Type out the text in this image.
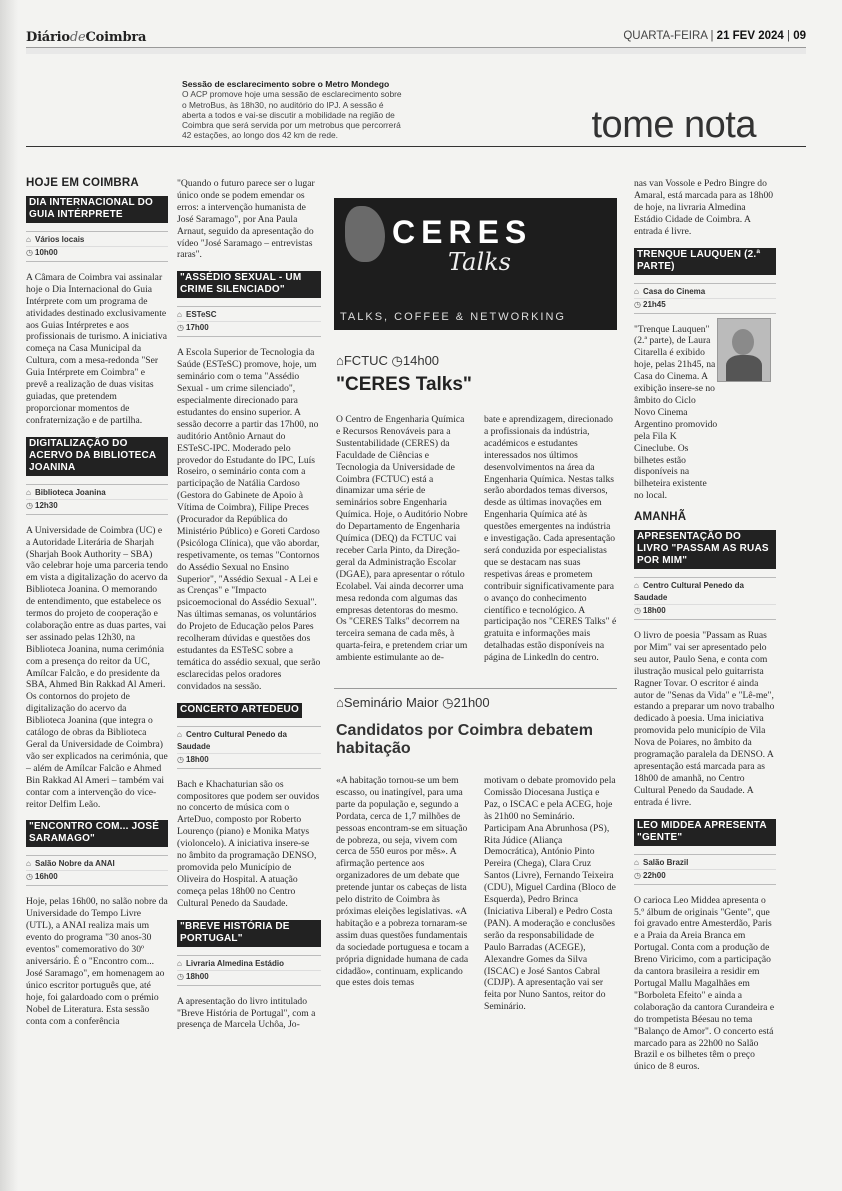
DiáriodeCoimbra	QUARTA-FEIRA | 21 FEV 2024 | 09
Sessão de esclarecimento sobre o Metro Mondego
O ACP promove hoje uma sessão de esclarecimento sobre o MetroBus, às 18h30, no auditório do IPJ. A sessão é aberta a todos e vai-se discutir a mobilidade na região de Coimbra que será servida por um metrobus que percorrerá 42 estações, ao longo dos 42 km de rede.	tome nota
HOJE EM COIMBRA
DIA INTERNACIONAL DO GUIA INTÉRPRETE
⌂ Vários locais
◷ 10h00

A Câmara de Coimbra vai assinalar hoje o Dia Internacional do Guia Intérprete com um programa de atividades destinado exclusivamente aos Guias Intérpretes e aos profissionais de turismo. A iniciativa começa na Casa Municipal da Cultura, com a mesa-redonda "Ser Guia Intérprete em Coimbra" e prevê a realização de duas visitas guiadas, que pretendem proporcionar momentos de confraternização e de partilha.

DIGITALIZAÇÃO DO ACERVO DA BIBLIOTECA JOANINA
⌂ Biblioteca Joanina
◷ 12h30

A Universidade de Coimbra (UC) e a Autoridade Literária de Sharjah (Sharjah Book Authority – SBA) vão celebrar hoje uma parceria tendo em vista a digitalização do acervo da Biblioteca Joanina. O memorando de entendimento, que estabelece os termos do projeto de cooperação e colaboração entre as duas partes, vai ser assinado pelas 12h30, na Biblioteca Joanina, numa cerimónia com a presença do reitor da UC, Amílcar Falcão, e do presidente da SBA, Ahmed Bin Rakkad Al Ameri. Os contornos do projeto de digitalização do acervo da Biblioteca Joanina (que integra o catálogo de obras da Biblioteca Geral da Universidade de Coimbra) vão ser explicados na cerimónia, que – além de Amílcar Falcão e Ahmed Bin Rakkad Al Ameri – também vai contar com a intervenção do vice-reitor Delfim Leão.

"ENCONTRO COM... JOSÉ SARAMAGO"
⌂ Salão Nobre da ANAI
◷ 16h00

Hoje, pelas 16h00, no salão nobre da Universidade do Tempo Livre (UTL), a ANAI realiza mais um evento do programa "30 anos-30 eventos" comemorativo do 30º aniversário. É o "Encontro com... José Saramago", em homenagem ao único escritor português que, até hoje, foi galardoado com o prémio Nobel de Literatura. Esta sessão conta com a conferência

"Quando o futuro parece ser o lugar único onde se podem emendar os erros: a intervenção humanista de José Saramago", por Ana Paula Arnaut, seguido da apresentação do vídeo "José Saramago – entrevistas raras".

"ASSÉDIO SEXUAL - UM CRIME SILENCIADO"
⌂ ESTeSC
◷ 17h00

A Escola Superior de Tecnologia da Saúde (ESTeSC) promove, hoje, um seminário com o tema "Assédio Sexual - um crime silenciado", especialmente direcionado para estudantes do ensino superior. A sessão decorre a partir das 17h00, no auditório Antônio Arnaut do ESTeSC-IPC. Moderado pelo provedor do Estudante do IPC, Luís Roseiro, o seminário conta com a participação de Natália Cardoso (Gestora do Gabinete de Apoio à Vítima de Coimbra), Filipe Preces (Procurador da República do Ministério Público) e Goreti Cardoso (Psicóloga Clínica), que vão abordar, respetivamente, os temas "Contornos do Assédio Sexual no Ensino Superior", "Assédio Sexual - A Lei e as Crenças" e "Impacto psicoemocional do Assédio Sexual". Nas últimas semanas, os voluntários do Projeto de Educação pelos Pares recolheram dúvidas e questões dos estudantes da ESTeSC sobre a temática do assédio sexual, que serão esclarecidas pelos oradores convidados na sessão.

CONCERTO ARTEDEUO
⌂ Centro Cultural Penedo da Saudade
◷ 18h00

Bach e Khachaturian são os compositores que podem ser ouvidos no concerto de música com o ArteDuo, composto por Roberto Lourenço (piano) e Monika Matys (violoncelo). A iniciativa insere-se no âmbito da programação DENSO, promovida pelo Município de Oliveira do Hospital. A atuação começa pelas 18h00 no Centro Cultural Penedo da Saudade.

"BREVE HISTÓRIA DE PORTUGAL"
⌂ Livraria Almedina Estádio
◷ 18h00

A apresentação do livro intitulado "Breve História de Portugal", com a presença de Marcela Uchôa, Jo-

CERES
Talks
TALKS, COFFEE & NETWORKING
⌂FCTUC ◷14h00
"CERES Talks"

O Centro de Engenharia Química e Recursos Renováveis para a Sustentabilidade (CERES) da Faculdade de Ciências e Tecnologia da Universidade de Coimbra (FCTUC) está a dinamizar uma série de seminários sobre Engenharia Química. Hoje, o Auditório Nobre do Departamento de Engenharia Química (DEQ) da FCTUC vai receber Carla Pinto, da Direção-geral da Administração Escolar (DGAE), para apresentar o rótulo Ecolabel. Vai ainda decorrer uma mesa redonda com algumas das empresas detentoras do mesmo. Os "CERES Talks" decorrem na terceira semana de cada mês, à quarta-feira, e pretendem criar um ambiente estimulante ao de-

bate e aprendizagem, direcionado a profissionais da indústria, académicos e estudantes interessados nos últimos desenvolvimentos na área da Engenharia Química. Nestas talks serão abordados temas diversos, desde as últimas inovações em Engenharia Química até às questões emergentes na indústria e investigação. Cada apresentação será conduzida por especialistas que se destacam nas suas respetivas áreas e prometem contribuir significativamente para o avanço do conhecimento científico e tecnológico. A participação nos "CERES Talks" é gratuita e informações mais detalhadas estão disponíveis na página de Linkedln do centro.

⌂Seminário Maior ◷21h00
Candidatos por Coimbra debatem habitação

«A habitação tornou-se um bem escasso, ou inatingível, para uma parte da população e, segundo a Pordata, cerca de 1,7 milhões de pessoas encontram-se em situação de pobreza, ou seja, vivem com cerca de 550 euros por mês». A afirmação pertence aos organizadores de um debate que pretende juntar os cabeças de lista pelo distrito de Coimbra às próximas eleições legislativas. «A habitação e a pobreza tornaram-se assim duas questões fundamentais da sociedade portuguesa e tocam a própria dignidade humana de cada cidadão», continuam, explicando que estes dois temas

motivam o debate promovido pela Comissão Diocesana Justiça e Paz, o ISCAC e pela ACEG, hoje às 21h00 no Seminário. Participam Ana Abrunhosa (PS), Rita Júdice (Aliança Democrática), António Pinto Pereira (Chega), Clara Cruz Santos (Livre), Fernando Teixeira (CDU), Miguel Cardina (Bloco de Esquerda), Pedro Brinca (Iniciativa Liberal) e Pedro Costa (PAN). A moderação e conclusões serão da responsabilidade de Paulo Barradas (ACEGE), Alexandre Gomes da Silva (ISCAC) e José Santos Cabral (CDJP). A apresentação vai ser feita por Nuno Santos, reitor do Seminário.

nas van Vossole e Pedro Bingre do Amaral, está marcada para as 18h00 de hoje, na livraria Almedina Estádio Cidade de Coimbra. A entrada é livre.

TRENQUE LAUQUEN (2.ª PARTE)
⌂ Casa do Cinema
◷ 21h45

"Trenque Lauquen" (2.ª parte), de Laura Citarella é exibido hoje, pelas 21h45, na Casa do Cinema. A exibição insere-se no âmbito do Ciclo Novo Cinema Argentino promovido pela Fila K Cineclube. Os bilhetes estão disponíveis na bilheteira existente no local.

AMANHÃ
APRESENTAÇÃO DO LIVRO "PASSAM AS RUAS POR MIM"
⌂ Centro Cultural Penedo da Saudade
◷ 18h00

O livro de poesia "Passam as Ruas por Mim" vai ser apresentado pelo seu autor, Paulo Sena, e conta com ilustração musical pelo guitarrista Ragner Tovar. O escritor é ainda autor de "Senas da Vida" e "Lê-me", estando a preparar um novo trabalho dedicado à poesia. Uma iniciativa promovida pelo município de Vila Nova de Poiares, no âmbito da programação paralela da DENSO. A apresentação está marcada para as 18h00 de amanhã, no Centro Cultural Penedo da Saudade. A entrada é livre.

LEO MIDDEA APRESENTA "GENTE"
⌂ Salão Brazil
◷ 22h00

O carioca Leo Middea apresenta o 5.º álbum de originais "Gente", que foi gravado entre Amesterdão, Paris e a Praia da Areia Branca em Portugal. Conta com a produção de Breno Viricimo, com a participação da cantora brasileira a residir em Portugal Mallu Magalhães em "Borboleta Efeito" e ainda a colaboração da cantora Curandeira e do trompetista Béesau no tema "Balanço de Amor". O concerto está marcado para as 22h00 no Salão Brazil e os bilhetes têm o preço único de 8 euros.
